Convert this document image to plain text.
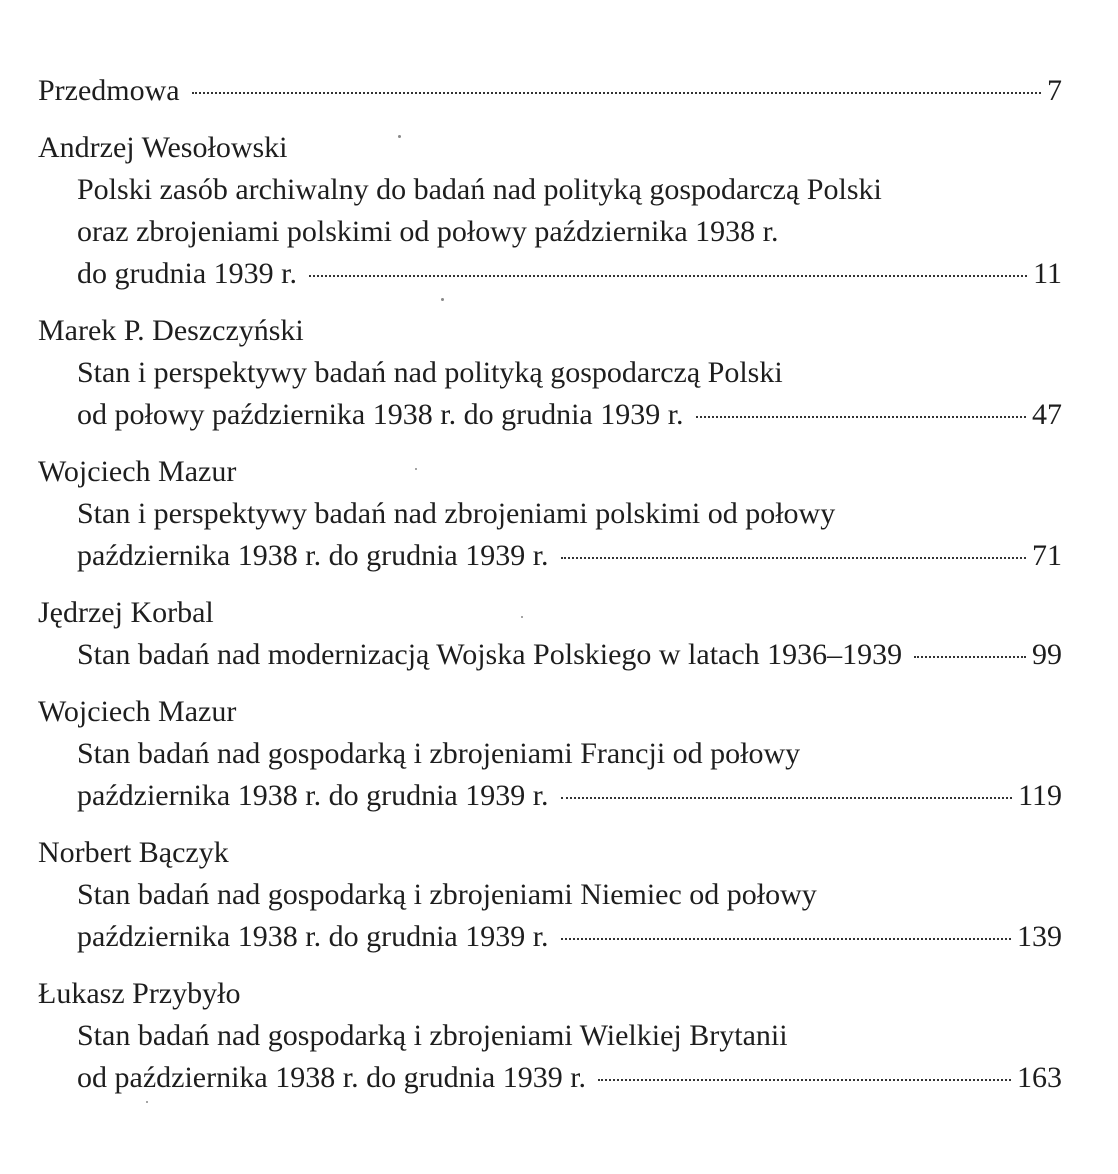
Przedmowa	7
Andrzej Wesołowski
Polski zasób archiwalny do badań nad polityką gospodarczą Polski
oraz zbrojeniami polskimi od połowy października 1938 r.
do grudnia 1939 r.	11
Marek P. Deszczyński
Stan i perspektywy badań nad polityką gospodarczą Polski
od połowy października 1938 r. do grudnia 1939 r.	47
Wojciech Mazur
Stan i perspektywy badań nad zbrojeniami polskimi od połowy
października 1938 r. do grudnia 1939 r.	71
Jędrzej Korbal
Stan badań nad modernizacją Wojska Polskiego w latach 1936–1939	99
Wojciech Mazur
Stan badań nad gospodarką i zbrojeniami Francji od połowy
października 1938 r. do grudnia 1939 r.	119
Norbert Bączyk
Stan badań nad gospodarką i zbrojeniami Niemiec od połowy
października 1938 r. do grudnia 1939 r.	139
Łukasz Przybyło
Stan badań nad gospodarką i zbrojeniami Wielkiej Brytanii
od października 1938 r. do grudnia 1939 r.	163
